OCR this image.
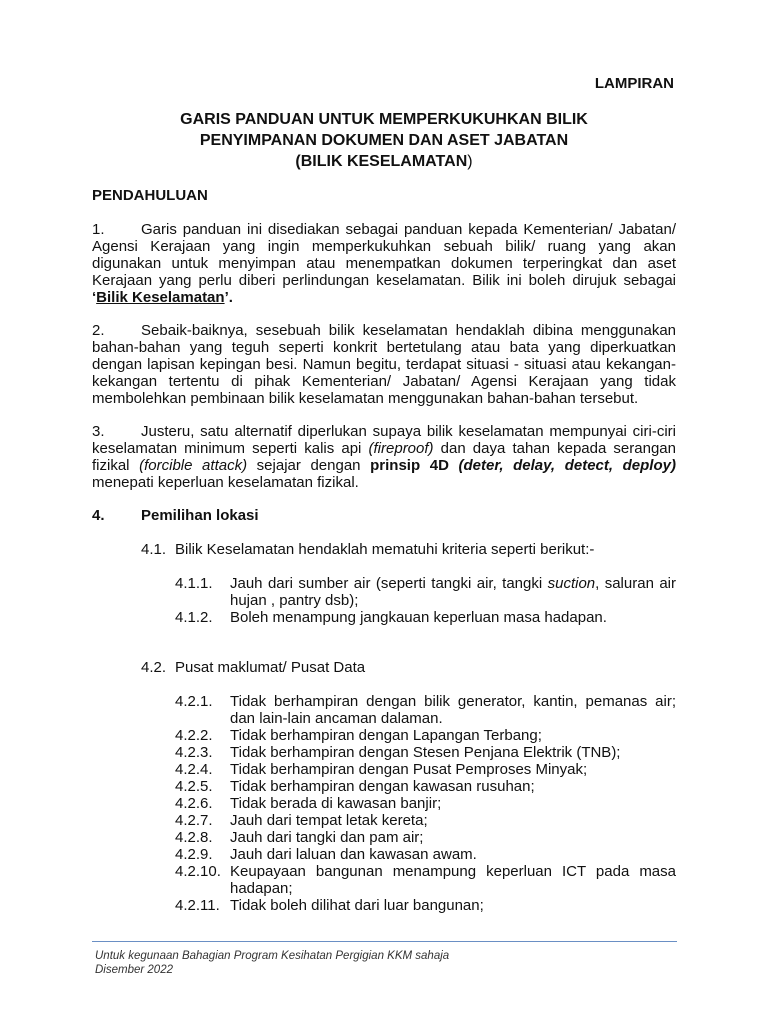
LAMPIRAN
GARIS PANDUAN UNTUK MEMPERKUKUHKAN BILIK
PENYIMPANAN DOKUMEN DAN ASET JABATAN
(BILIK KESELAMATAN)
PENDAHULUAN
1. Garis panduan ini disediakan sebagai panduan kepada Kementerian/ Jabatan/
Agensi Kerajaan yang ingin memperkukuhkan sebuah bilik/ ruang yang akan
digunakan untuk menyimpan atau menempatkan dokumen terperingkat dan aset
Kerajaan yang perlu diberi perlindungan keselamatan. Bilik ini boleh dirujuk sebagai
‘Bilik Keselamatan’.
2. Sebaik-baiknya, sesebuah bilik keselamatan hendaklah dibina menggunakan
bahan-bahan yang teguh seperti konkrit bertetulang atau bata yang diperkuatkan
dengan lapisan kepingan besi. Namun begitu, terdapat situasi - situasi atau kekangan-
kekangan tertentu di pihak Kementerian/ Jabatan/ Agensi Kerajaan yang tidak
membolehkan pembinaan bilik keselamatan menggunakan bahan-bahan tersebut.
3. Justeru, satu alternatif diperlukan supaya bilik keselamatan mempunyai ciri-ciri
keselamatan minimum seperti kalis api (fireproof) dan daya tahan kepada serangan
fizikal (forcible attack) sejajar dengan prinsip 4D (deter, delay, detect, deploy)
menepati keperluan keselamatan fizikal.
4. Pemilihan lokasi
4.1. Bilik Keselamatan hendaklah mematuhi kriteria seperti berikut:-
4.1.1. Jauh dari sumber air (seperti tangki air, tangki suction, saluran air
hujan , pantry dsb);
4.1.2. Boleh menampung jangkauan keperluan masa hadapan.
4.2. Pusat maklumat/ Pusat Data
4.2.1. Tidak berhampiran dengan bilik generator, kantin, pemanas air;
dan lain-lain ancaman dalaman.
4.2.2. Tidak berhampiran dengan Lapangan Terbang;
4.2.3. Tidak berhampiran dengan Stesen Penjana Elektrik (TNB);
4.2.4. Tidak berhampiran dengan Pusat Pemproses Minyak;
4.2.5. Tidak berhampiran dengan kawasan rusuhan;
4.2.6. Tidak berada di kawasan banjir;
4.2.7. Jauh dari tempat letak kereta;
4.2.8. Jauh dari tangki dan pam air;
4.2.9. Jauh dari laluan dan kawasan awam.
4.2.10. Keupayaan bangunan menampung keperluan ICT pada masa
hadapan;
4.2.11. Tidak boleh dilihat dari luar bangunan;
Untuk kegunaan Bahagian Program Kesihatan Pergigian KKM sahaja
Disember 2022
